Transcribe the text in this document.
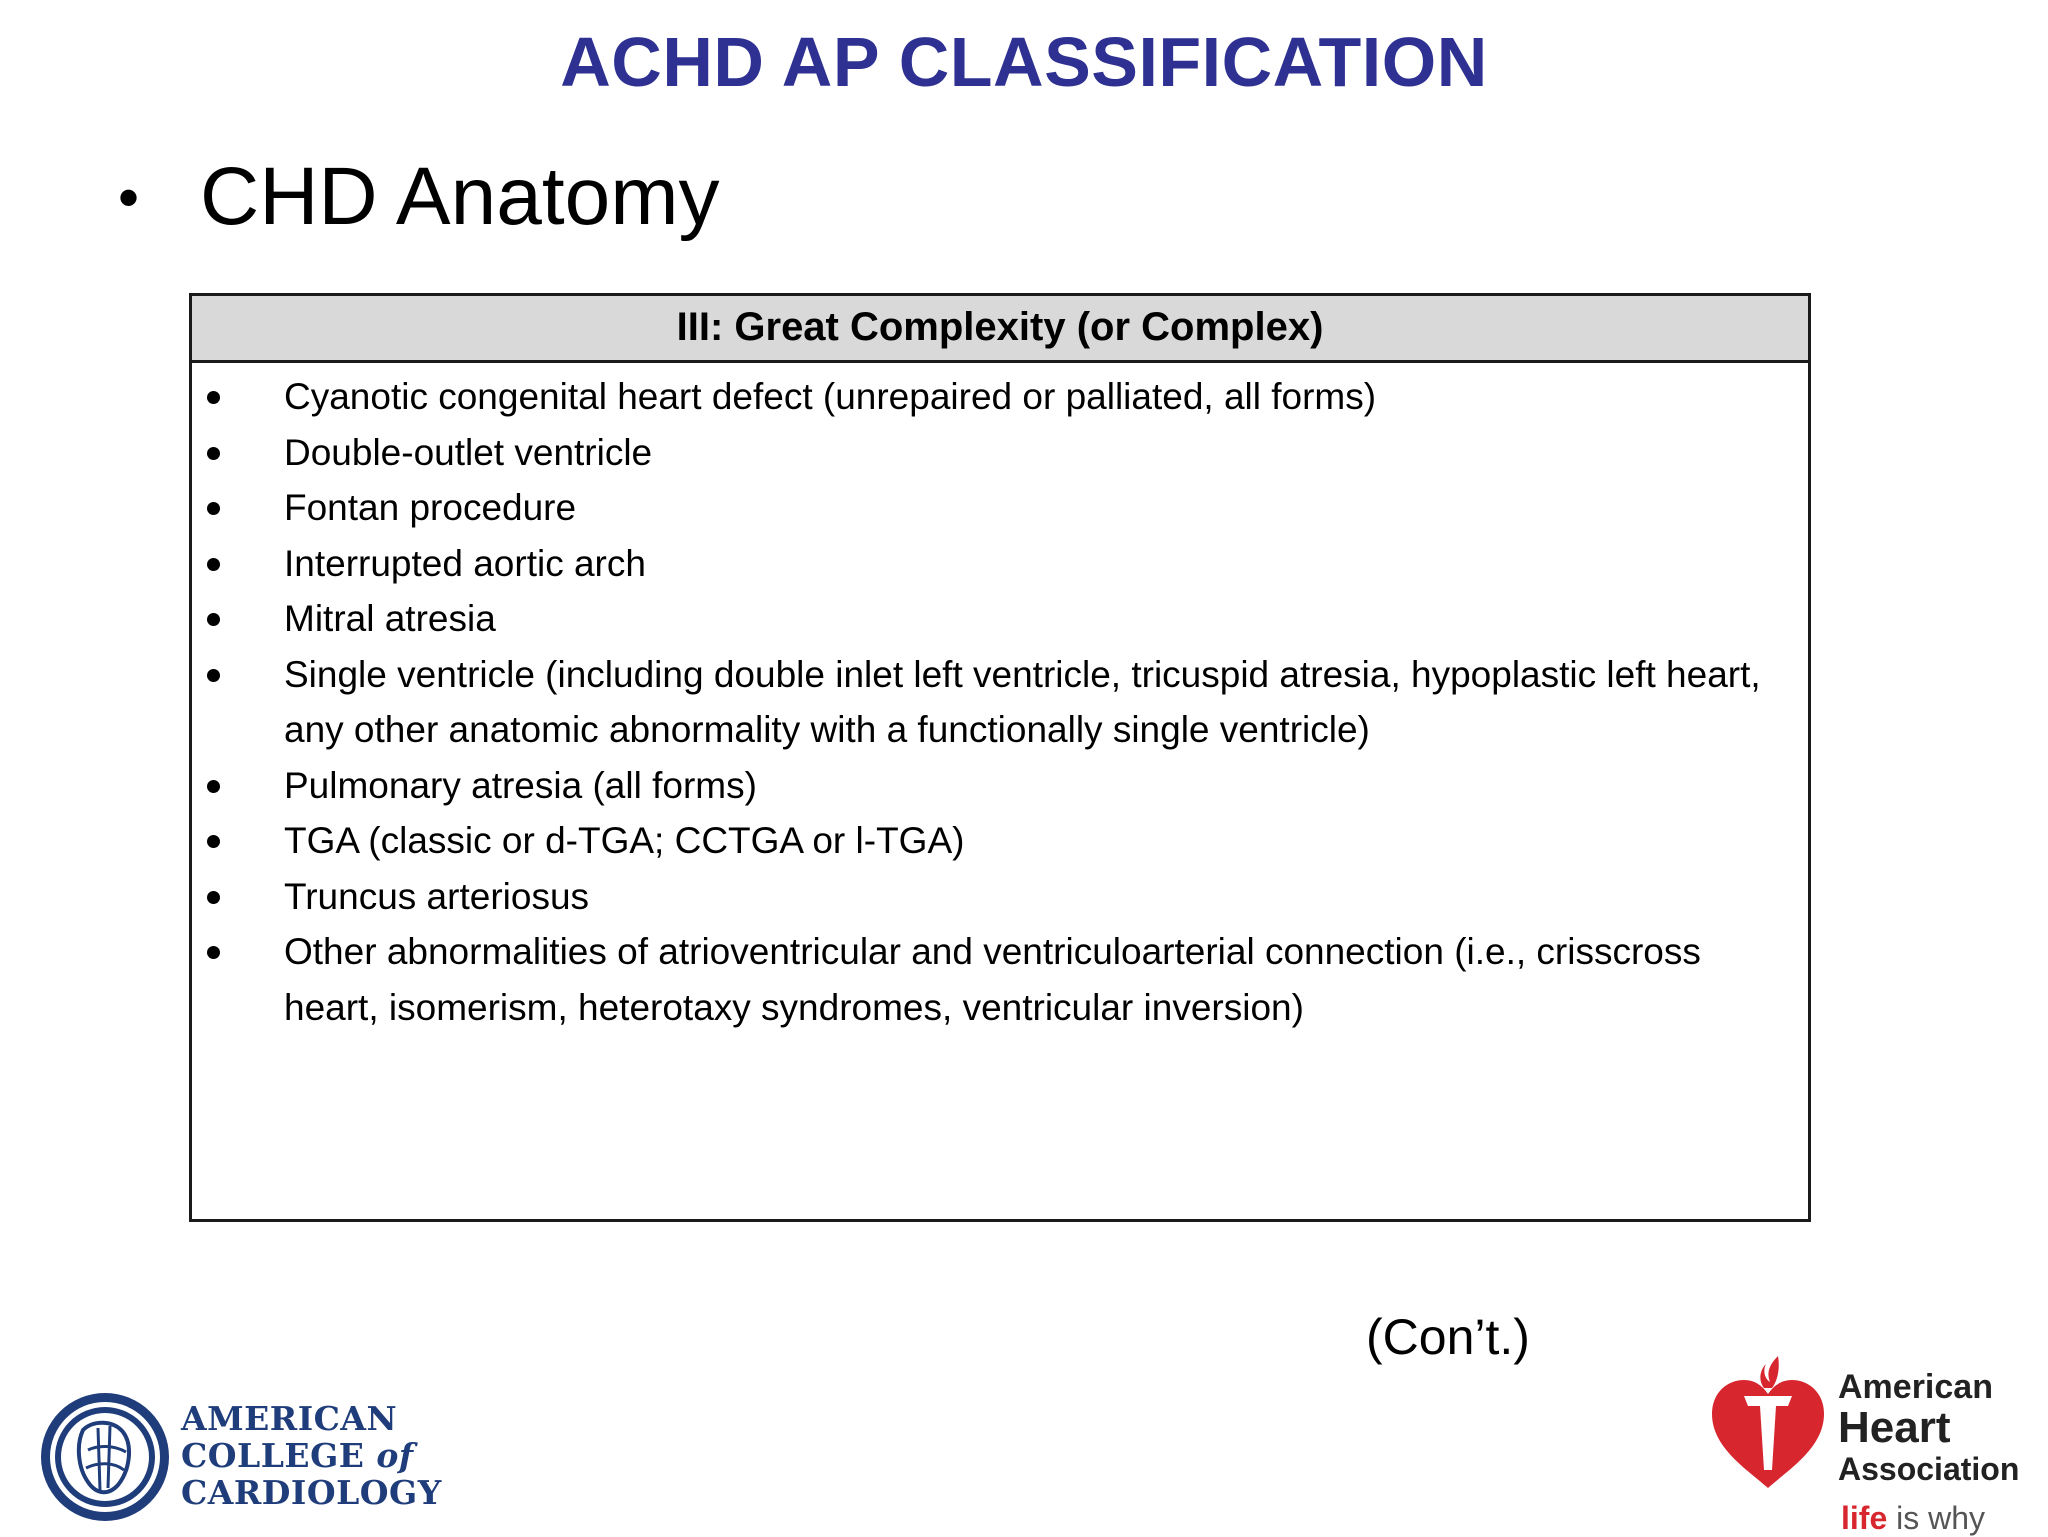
ACHD AP CLASSIFICATION
• CHD Anatomy
III: Great Complexity (or Complex)
Cyanotic congenital heart defect (unrepaired or palliated, all forms)
Double-outlet ventricle
Fontan procedure
Interrupted aortic arch
Mitral atresia
Single ventricle (including double inlet left ventricle, tricuspid atresia, hypoplastic left heart, any other anatomic abnormality with a functionally single ventricle)
Pulmonary atresia (all forms)
TGA (classic or d-TGA; CCTGA or l-TGA)
Truncus arteriosus
Other abnormalities of atrioventricular and ventriculoarterial connection (i.e., crisscross heart, isomerism, heterotaxy syndromes, ventricular inversion)
(Con’t.)
AMERICAN
COLLEGE of
CARDIOLOGY
American
Heart
Association
life is why
